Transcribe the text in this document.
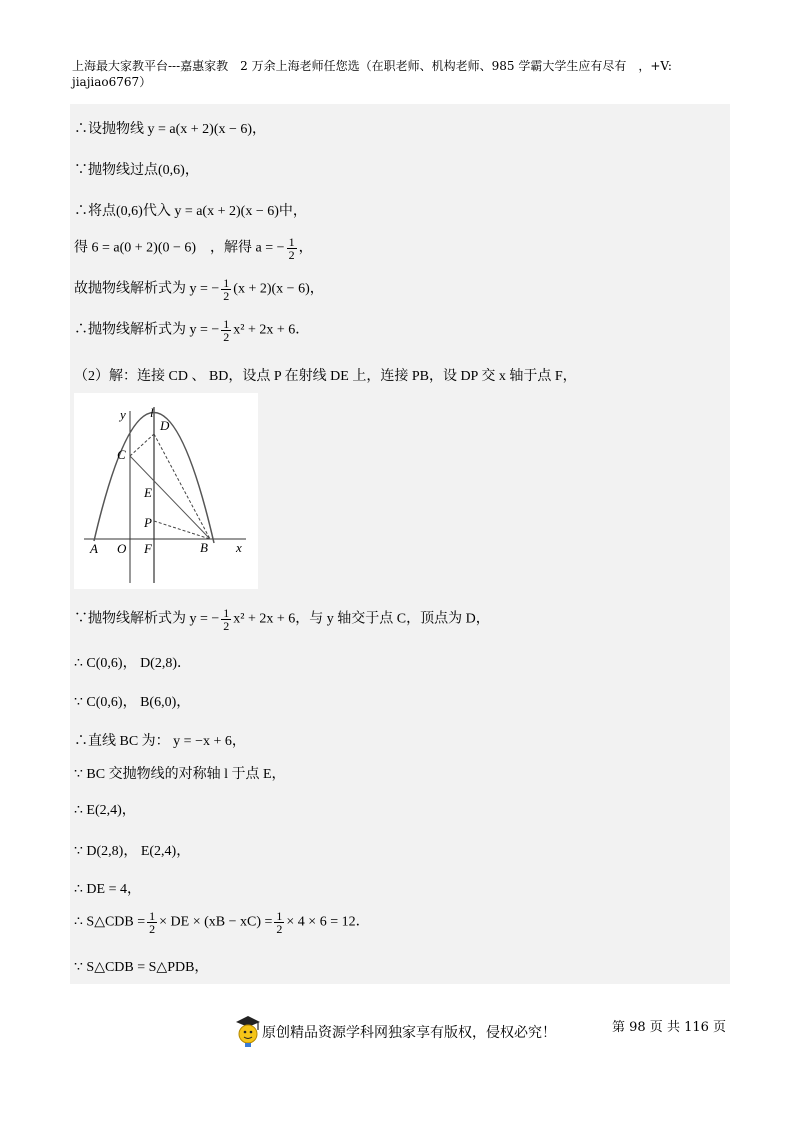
上海最大家教平台---嘉惠家教　2 万余上海老师任您选（在职老师、机构老师、985 学霸大学生应有尽有　，+V: jiajiao6767）
∴设抛物线 y = a(x + 2)(x − 6)，
∵抛物线过点(0,6)，
∴将点(0,6)代入 y = a(x + 2)(x − 6)中，
得 6 = a(0 + 2)(0 − 6)　，解得 a = − $\frac{1}{2}$ ，
故抛物线解析式为 y = − $\frac{1}{2} (x + 2)(x - 6)$，
∴抛物线解析式为 y = − $\frac{1}{2} x^2 + 2x + 6$．
（2）解：连接 CD 、 BD，设点 P 在射线 DE 上，连接 PB，设 DP 交 x 轴于点 F，
y l
D
C
E
P
A O F	B x
∵抛物线解析式为 y = − $\frac{1}{2} x^2 + 2x + 6$，与 y 轴交于点 C，顶点为 D，
∴ C(0,6)， D(2,8)．
∵ C(0,6)， B(6,0)，
∴直线 BC 为： y = −x + 6，
∵ BC 交抛物线的对称轴 l 于点 E，
∴ E(2,4)，
∵ D(2,8)， E(2,4)，
∴ DE = 4，
∴ S△CDB = $\frac{1}{2}$ × DE × $(xB - xC) = \frac{1}{2} \times 4 \times 6 = 12$．
∵ S△CDB = S△PDB，
原创精品资源学科网独家享有版权，侵权必究！	第 98 页 共 116 页
